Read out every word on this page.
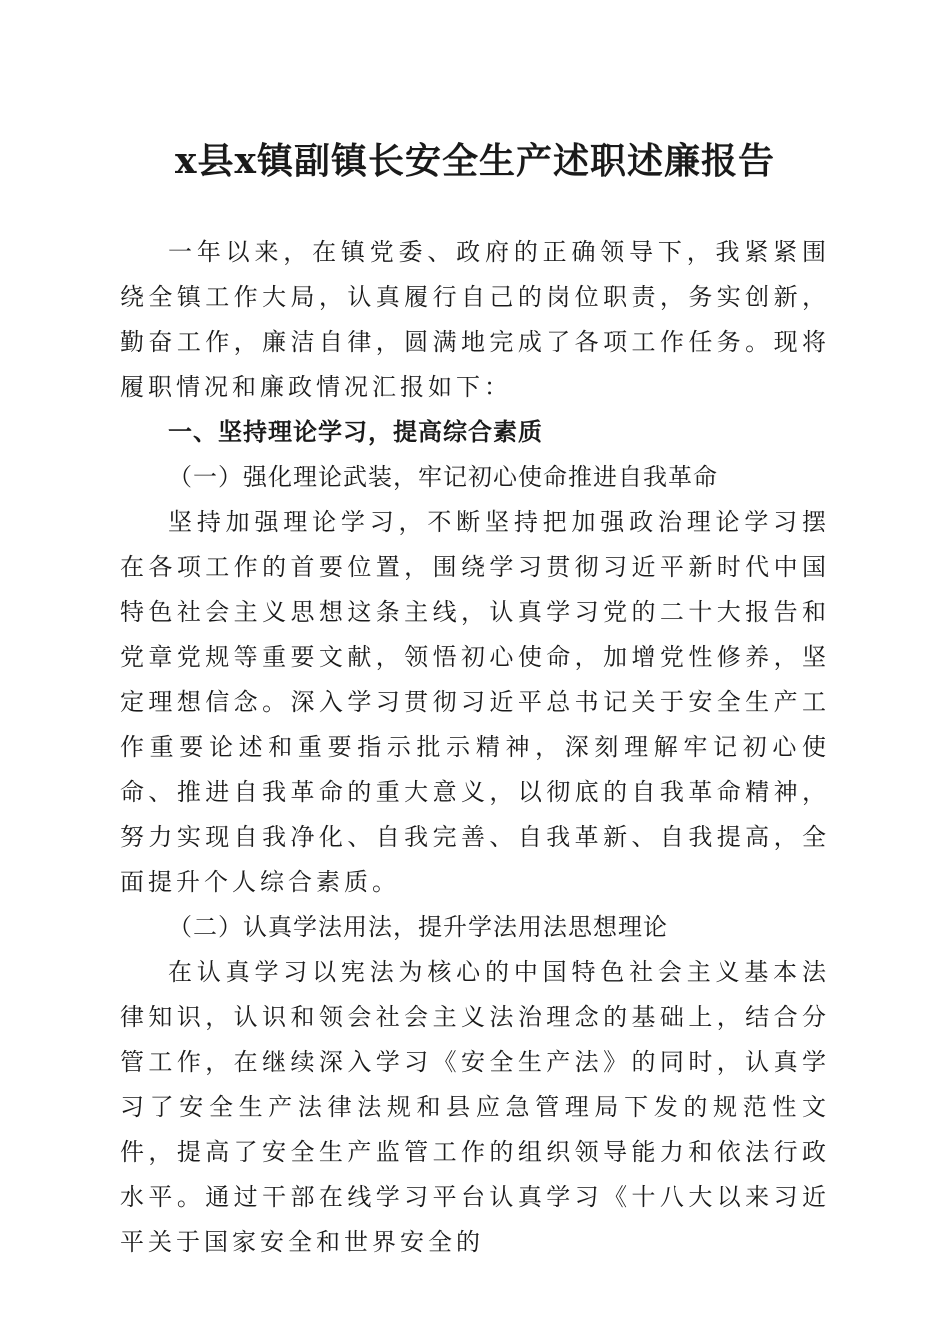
x县x镇副镇长安全生产述职述廉报告

一年以来，在镇党委、政府的正确领导下，我紧紧围绕全镇工作大局，认真履行自己的岗位职责，务实创新，勤奋工作，廉洁自律，圆满地完成了各项工作任务。现将履职情况和廉政情况汇报如下：

一、坚持理论学习，提高综合素质

（一）强化理论武装，牢记初心使命推进自我革命

坚持加强理论学习，不断坚持把加强政治理论学习摆在各项工作的首要位置，围绕学习贯彻习近平新时代中国特色社会主义思想这条主线，认真学习党的二十大报告和党章党规等重要文献，领悟初心使命，加增党性修养，坚定理想信念。深入学习贯彻习近平总书记关于安全生产工作重要论述和重要指示批示精神，深刻理解牢记初心使命、推进自我革命的重大意义，以彻底的自我革命精神，努力实现自我净化、自我完善、自我革新、自我提高，全面提升个人综合素质。

（二）认真学法用法，提升学法用法思想理论

在认真学习以宪法为核心的中国特色社会主义基本法律知识，认识和领会社会主义法治理念的基础上，结合分管工作，在继续深入学习《安全生产法》的同时，认真学习了安全生产法律法规和县应急管理局下发的规范性文件，提高了安全生产监管工作的组织领导能力和依法行政水平。通过干部在线学习平台认真学习《十八大以来习近平关于国家安全和世界安全的
